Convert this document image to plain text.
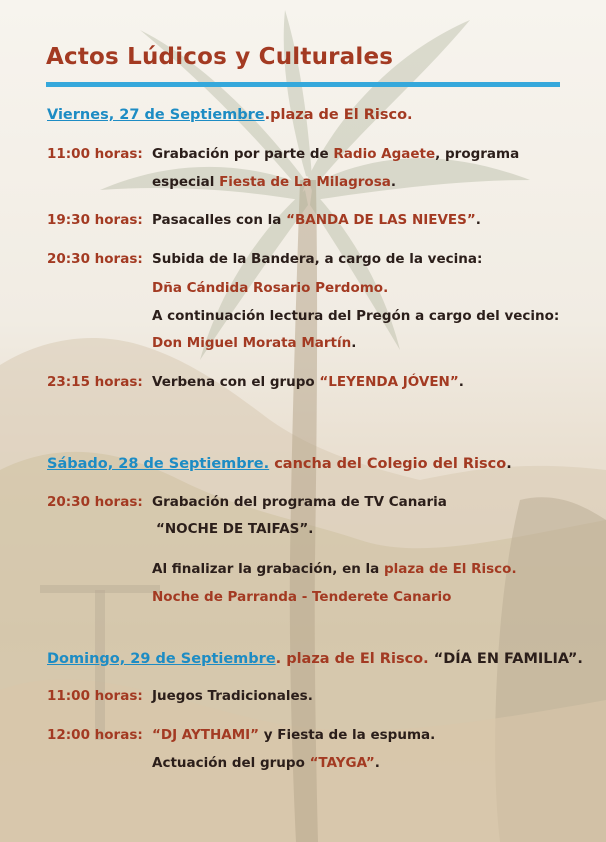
Actos Lúdicos y Culturales
Viernes, 27 de Septiembre.plaza de El Risco.
11:00 horas: Grabación por parte de Radio Agaete, programa
especial Fiesta de La Milagrosa.
19:30 horas: Pasacalles con la “BANDA DE LAS NIEVES”.
20:30 horas: Subida de la Bandera, a cargo de la vecina:
Dña Cándida Rosario Perdomo.
A continuación lectura del Pregón a cargo del vecino:
Don Miguel Morata Martín.
23:15 horas: Verbena con el grupo “LEYENDA JÓVEN”.
Sábado, 28 de Septiembre. cancha del Colegio del Risco.
20:30 horas: Grabación del programa de TV Canaria
“NOCHE DE TAIFAS”.
Al finalizar la grabación, en la plaza de El Risco.
Noche de Parranda - Tenderete Canario
Domingo, 29 de Septiembre. plaza de El Risco. “DÍA EN FAMILIA”.
11:00 horas: Juegos Tradicionales.
12:00 horas: “DJ AYTHAMI” y Fiesta de la espuma.
Actuación del grupo “TAYGA”.
